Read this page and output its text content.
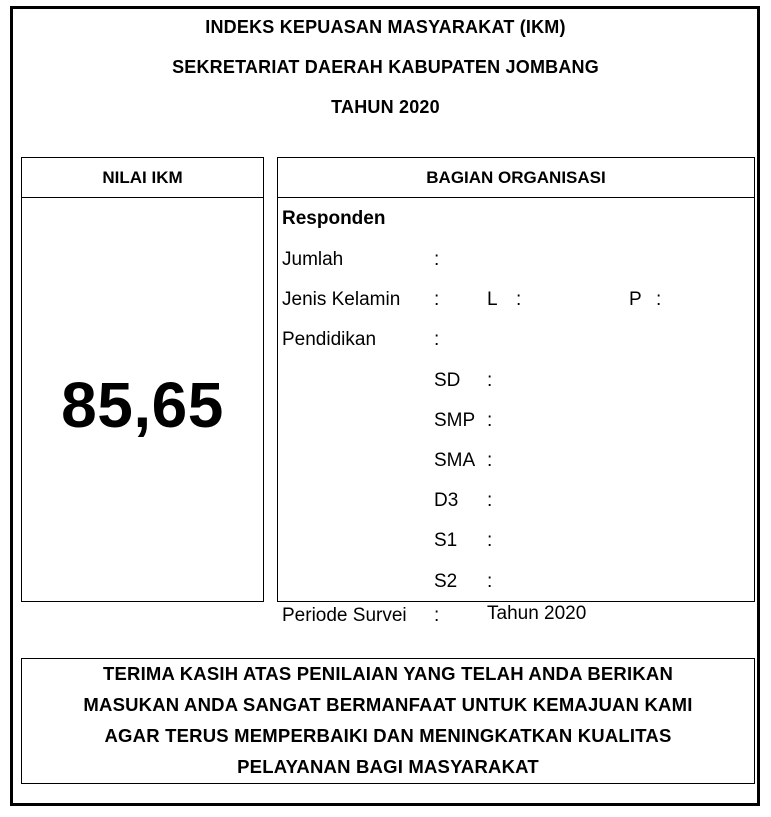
INDEKS KEPUASAN MASYARAKAT (IKM)
SEKRETARIAT DAERAH KABUPATEN JOMBANG
TAHUN 2020
NILAI IKM
85,65
BAGIAN ORGANISASI
Responden
Jumlah	:
Jenis Kelamin :	L :	P :
Pendidikan	:
SD :
SMP :
SMA :
D3 :
S1 :
S2 :
Periode Survei :	Tahun 2020
TERIMA KASIH ATAS PENILAIAN YANG TELAH ANDA BERIKAN
MASUKAN ANDA SANGAT BERMANFAAT UNTUK KEMAJUAN KAMI
AGAR TERUS MEMPERBAIKI DAN MENINGKATKAN KUALITAS
PELAYANAN BAGI MASYARAKAT
